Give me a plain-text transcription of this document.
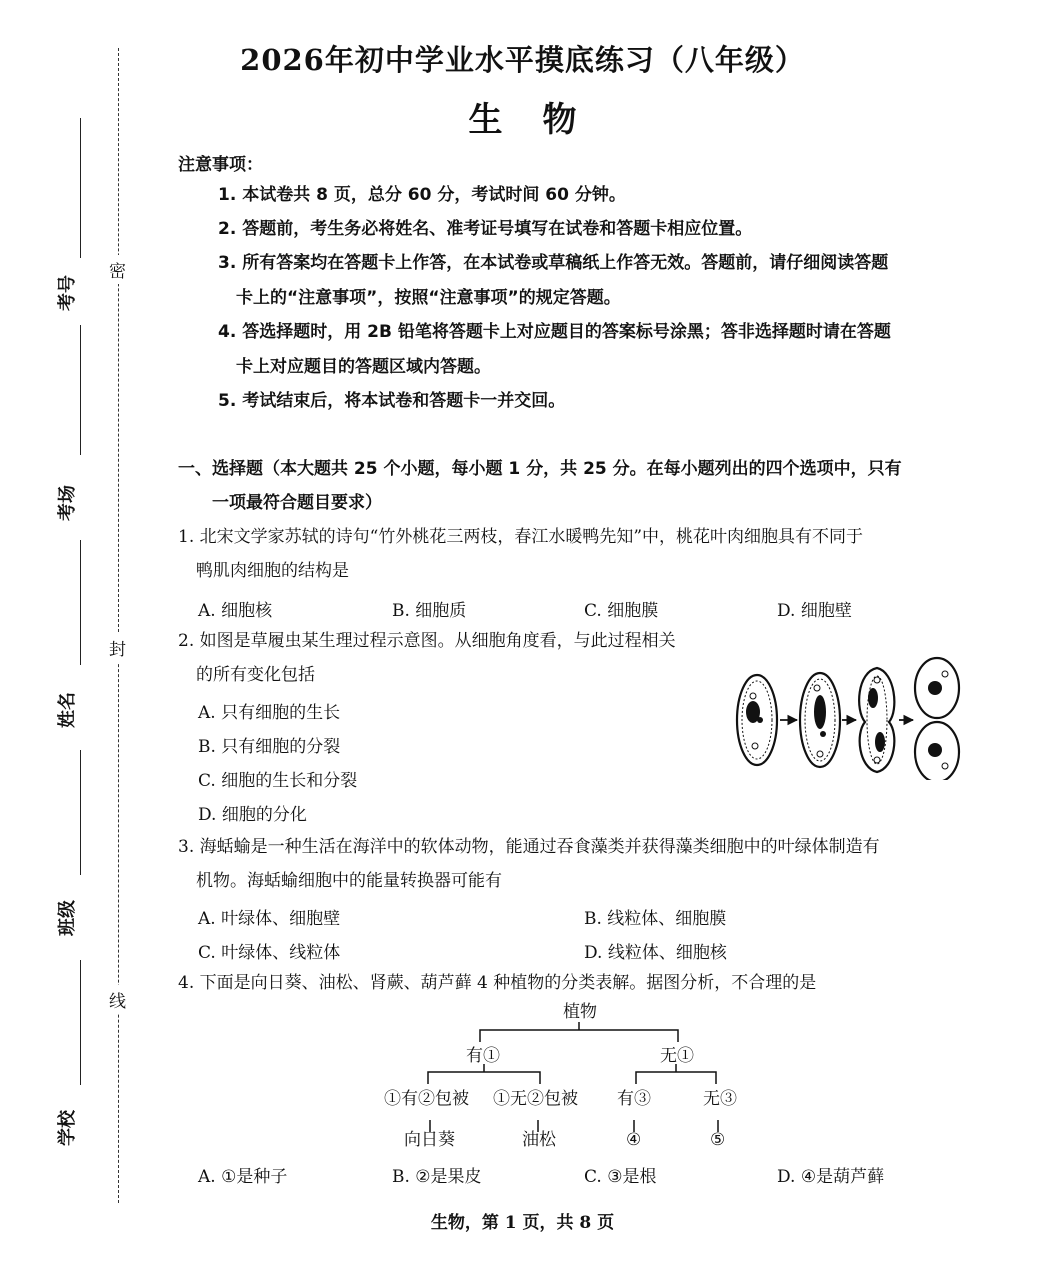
考号
考场
姓名
班级
学校
密
封
线
2026年初中学业水平摸底练习（八年级）
生物
注意事项：
1. 本试卷共 8 页，总分 60 分，考试时间 60 分钟。
2. 答题前，考生务必将姓名、准考证号填写在试卷和答题卡相应位置。
3. 所有答案均在答题卡上作答，在本试卷或草稿纸上作答无效。答题前，请仔细阅读答题
卡上的“注意事项”，按照“注意事项”的规定答题。
4. 答选择题时，用 2B 铅笔将答题卡上对应题目的答案标号涂黑；答非选择题时请在答题
卡上对应题目的答题区域内答题。
5. 考试结束后，将本试卷和答题卡一并交回。
一、选择题（本大题共 25 个小题，每小题 1 分，共 25 分。在每小题列出的四个选项中，只有
一项最符合题目要求）
1. 北宋文学家苏轼的诗句“竹外桃花三两枝，春江水暖鸭先知”中，桃花叶肉细胞具有不同于
鸭肌肉细胞的结构是
A. 细胞核	B. 细胞质	C. 细胞膜	D. 细胞壁
2. 如图是草履虫某生理过程示意图。从细胞角度看，与此过程相关
的所有变化包括
A. 只有细胞的生长
B. 只有细胞的分裂
C. 细胞的生长和分裂
D. 细胞的分化
3. 海蛞蝓是一种生活在海洋中的软体动物，能通过吞食藻类并获得藻类细胞中的叶绿体制造有
机物。海蛞蝓细胞中的能量转换器可能有
A. 叶绿体、细胞壁	B. 线粒体、细胞膜
C. 叶绿体、线粒体	D. 线粒体、细胞核
4. 下面是向日葵、油松、肾蕨、葫芦藓 4 种植物的分类表解。据图分析，不合理的是
植物
有①	无①
①有②包被 ①无②包被 有③	无③
向日葵	油松	④	⑤
A. ①是种子	B. ②是果皮	C. ③是根	D. ④是葫芦藓
生物，第 1 页，共 8 页
